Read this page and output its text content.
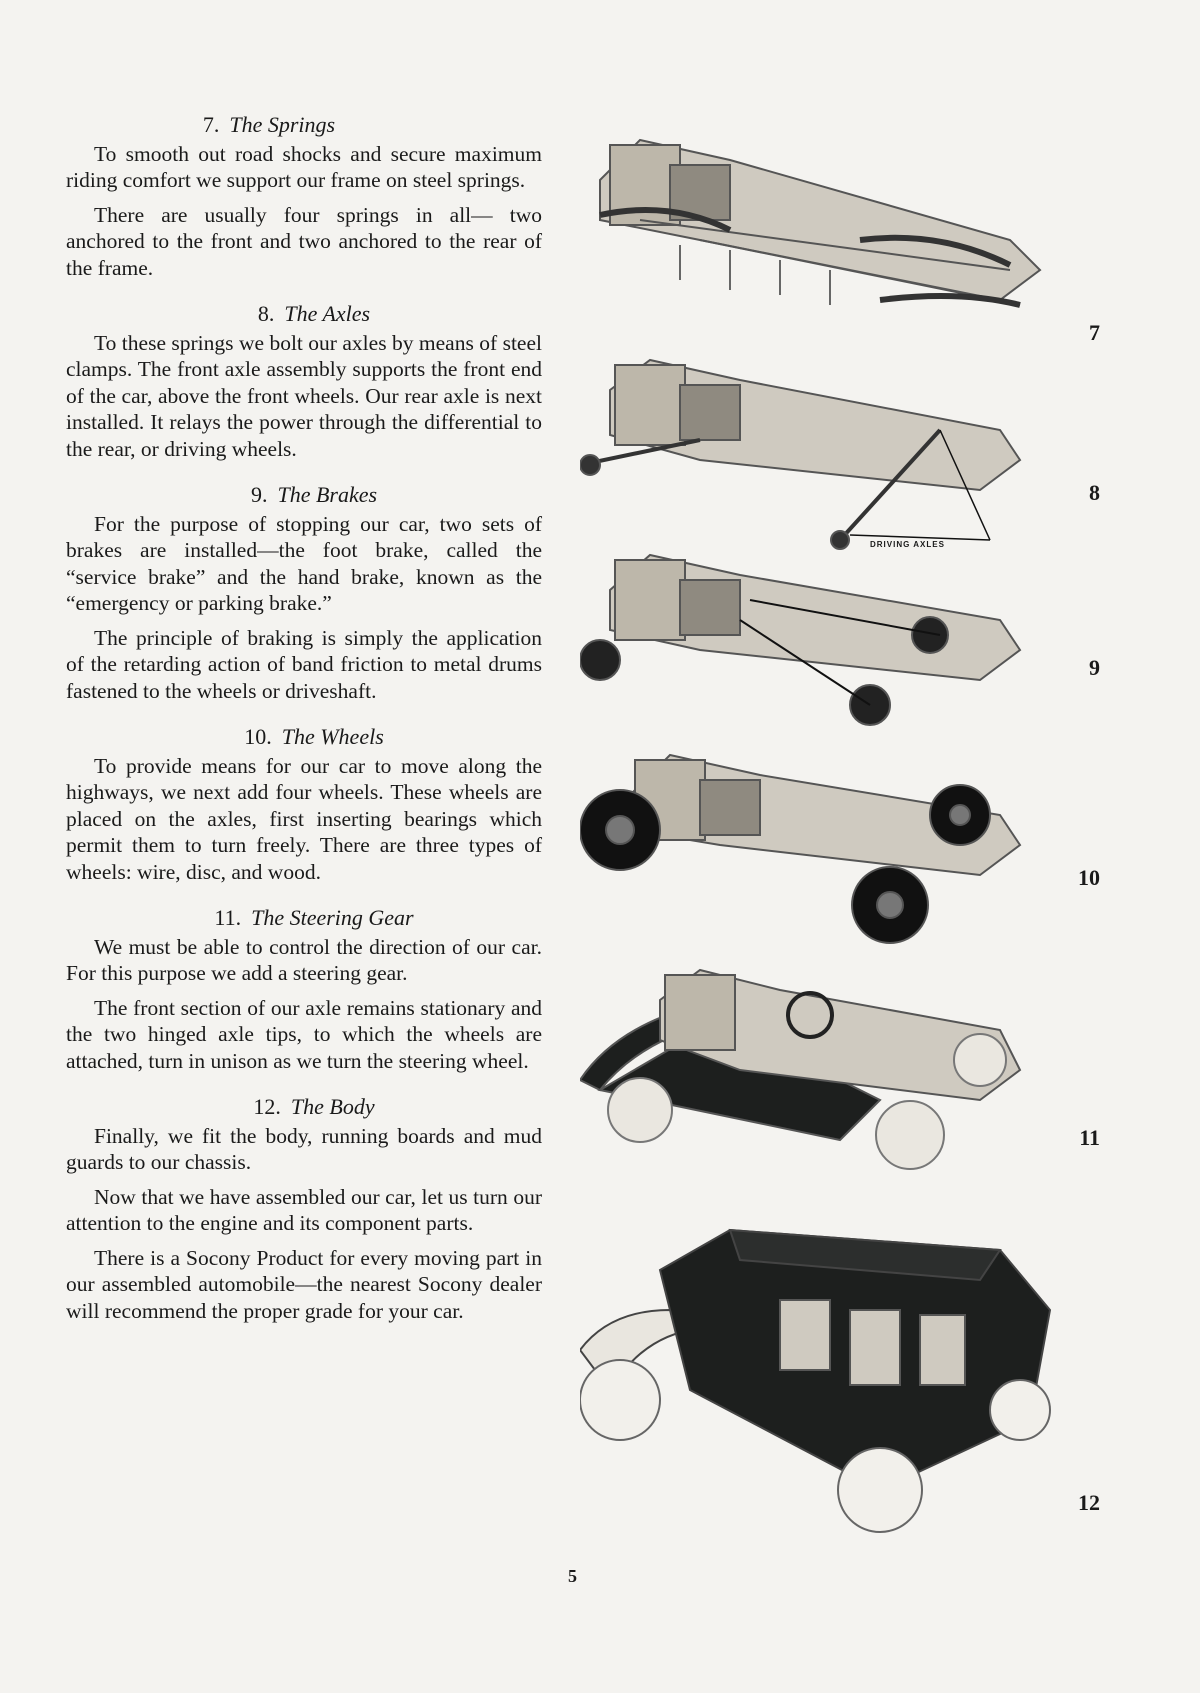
7. The Springs

To smooth out road shocks and secure maximum riding comfort we support our frame on steel springs.

There are usually four springs in all— two anchored to the front and two anchored to the rear of the frame.

8. The Axles

To these springs we bolt our axles by means of steel clamps. The front axle assembly supports the front end of the car, above the front wheels. Our rear axle is next installed. It relays the power through the differential to the rear, or driving wheels.

9. The Brakes

For the purpose of stopping our car, two sets of brakes are installed—the foot brake, called the “service brake” and the hand brake, known as the “emergency or parking brake.”

The principle of braking is simply the application of the retarding action of band friction to metal drums fastened to the wheels or driveshaft.

10. The Wheels

To provide means for our car to move along the highways, we next add four wheels. These wheels are placed on the axles, first inserting bearings which permit them to turn freely. There are three types of wheels: wire, disc, and wood.

11. The Steering Gear

We must be able to control the direction of our car. For this purpose we add a steering gear.

The front section of our axle remains stationary and the two hinged axle tips, to which the wheels are attached, turn in unison as we turn the steering wheel.

12. The Body

Finally, we fit the body, running boards and mud guards to our chassis.

Now that we have assembled our car, let us turn our attention to the engine and its component parts.

There is a Socony Product for every moving part in our assembled automobile—the nearest Socony dealer will recommend the proper grade for your car.

7
DRIVING AXLES
8
9
10
11
12
5
